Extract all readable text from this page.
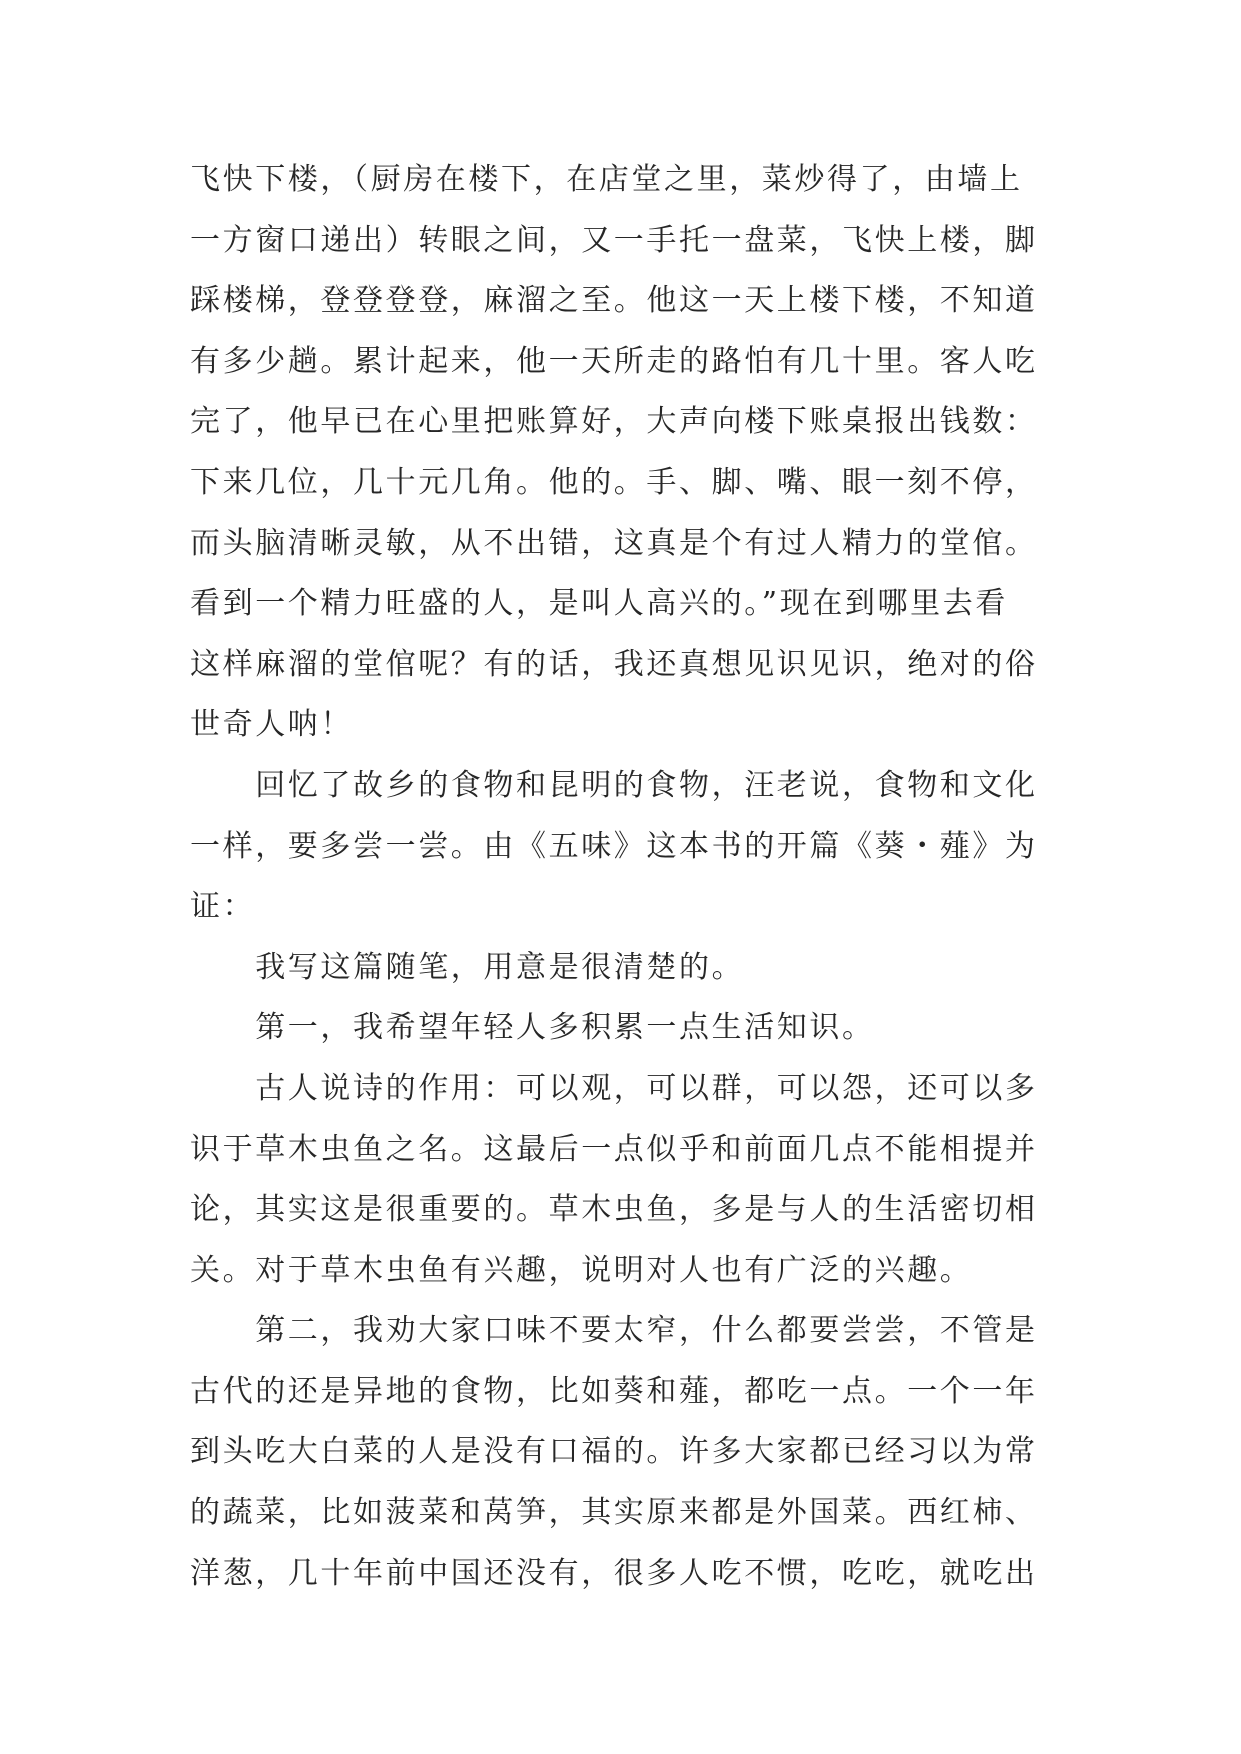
飞快下楼，（厨房在楼下，在店堂之里，菜炒得了，由墙上
一方窗口递出）转眼之间，又一手托一盘菜，飞快上楼，脚
踩楼梯，登登登登，麻溜之至。他这一天上楼下楼，不知道
有多少趟。累计起来，他一天所走的路怕有几十里。客人吃
完了，他早已在心里把账算好，大声向楼下账桌报出钱数：
下来几位，几十元几角。他的。手、脚、嘴、眼一刻不停，
而头脑清晰灵敏，从不出错，这真是个有过人精力的堂倌。
看到一个精力旺盛的人，是叫人高兴的。”现在到哪里去看
这样麻溜的堂倌呢？有的话，我还真想见识见识，绝对的俗
世奇人呐！
　　回忆了故乡的食物和昆明的食物，汪老说，食物和文化
一样，要多尝一尝。由《五味》这本书的开篇《葵・薤》为
证：
　　我写这篇随笔，用意是很清楚的。
　　第一，我希望年轻人多积累一点生活知识。
　　古人说诗的作用：可以观，可以群，可以怨，还可以多
识于草木虫鱼之名。这最后一点似乎和前面几点不能相提并
论，其实这是很重要的。草木虫鱼，多是与人的生活密切相
关。对于草木虫鱼有兴趣，说明对人也有广泛的兴趣。
　　第二，我劝大家口味不要太窄，什么都要尝尝，不管是
古代的还是异地的食物，比如葵和薤，都吃一点。一个一年
到头吃大白菜的人是没有口福的。许多大家都已经习以为常
的蔬菜，比如菠菜和莴笋，其实原来都是外国菜。西红柿、
洋葱，几十年前中国还没有，很多人吃不惯，吃吃，就吃出
